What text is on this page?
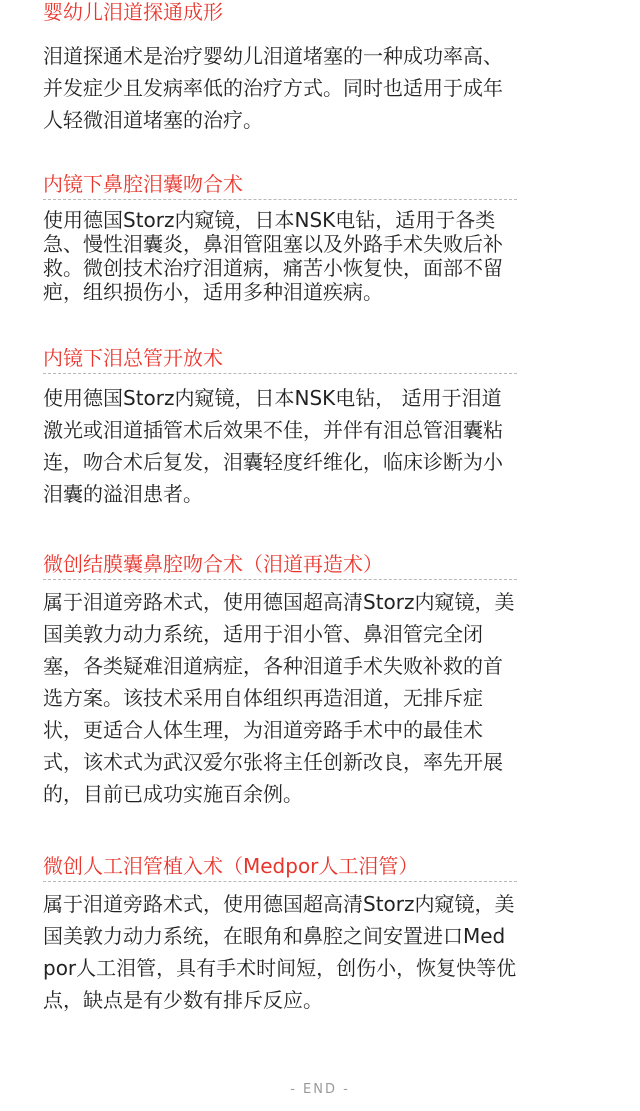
婴幼儿泪道探通成形
泪道探通术是治疗婴幼儿泪道堵塞的一种成功率高、并发症少且发病率低的治疗方式。同时也适用于成年人轻微泪道堵塞的治疗。
内镜下鼻腔泪囊吻合术
使用德国Storz内窥镜，日本NSK电钻，适用于各类急、慢性泪囊炎，鼻泪管阻塞以及外路手术失败后补救。微创技术治疗泪道病，痛苦小恢复快，面部不留疤，组织损伤小，适用多种泪道疾病。
内镜下泪总管开放术
使用德国Storz内窥镜，日本NSK电钻， 适用于泪道激光或泪道插管术后效果不佳，并伴有泪总管泪囊粘连，吻合术后复发，泪囊轻度纤维化，临床诊断为小泪囊的溢泪患者。
微创结膜囊鼻腔吻合术（泪道再造术）
属于泪道旁路术式，使用德国超高清Storz内窥镜，美国美敦力动力系统，适用于泪小管、鼻泪管完全闭塞，各类疑难泪道病症，各种泪道手术失败补救的首选方案。该技术采用自体组织再造泪道，无排斥症状，更适合人体生理，为泪道旁路手术中的最佳术式，该术式为武汉爱尔张将主任创新改良，率先开展的，目前已成功实施百余例。
微创人工泪管植入术（Medpor人工泪管）
属于泪道旁路术式，使用德国超高清Storz内窥镜，美国美敦力动力系统，在眼角和鼻腔之间安置进口Medpor人工泪管，具有手术时间短，创伤小，恢复快等优点，缺点是有少数有排斥反应。
- END -
